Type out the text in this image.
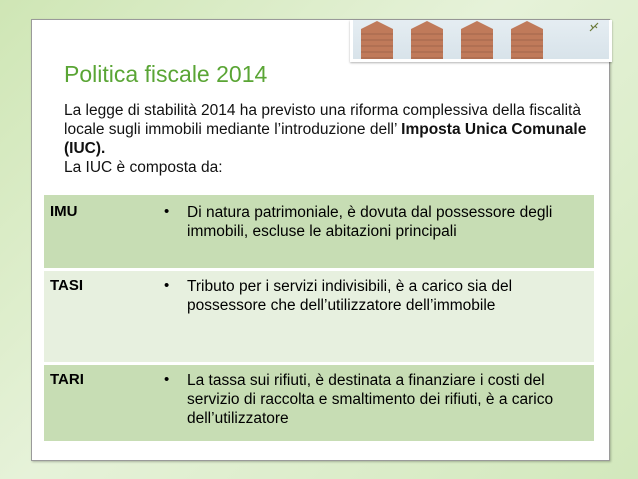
Politica fiscale 2014

La legge di stabilità 2014 ha previsto una riforma complessiva della fiscalità locale sugli immobili mediante l’introduzione dell’ Imposta Unica Comunale (IUC).
La IUC è composta da:

IMU	• Di natura patrimoniale, è dovuta dal possessore degli immobili, escluse le abitazioni principali
TASI	• Tributo per i servizi indivisibili, è a carico sia del possessore che dell’utilizzatore dell’immobile
TARI	• La tassa sui rifiuti, è destinata a finanziare i costi del servizio di raccolta e smaltimento dei rifiuti, è a carico dell’utilizzatore
